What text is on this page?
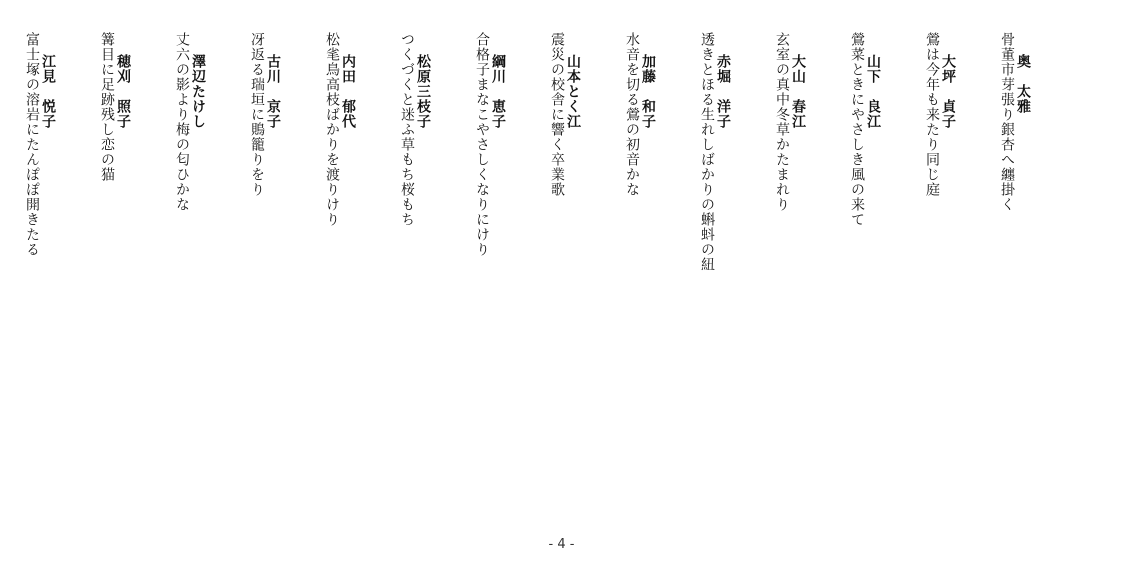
奥　太雅
骨董市芽張り銀杏へ纏掛く
大坪　貞子
鶯は今年も来たり同じ庭
山下　良江
鶯菜ときにやさしき風の来て
大山　春江
玄室の真中冬草かたまれり
赤堀　洋子
透きとほる生れしばかりの蝌蚪の紐
加藤　和子
水音を切る鶯の初音かな
山本とく江
震災の校舎に響く卒業歌
綱川　恵子
合格子まなこやさしくなりにけり
松原三枝子
つくづくと迷ふ草もち桜もち
内田　郁代
松毟鳥高枝ばかりを渡りけり
古川　京子
冴返る瑞垣に鵙籠りをり
澤辺たけし
丈六の影より梅の匂ひかな
穂刈　照子
篝目に足跡残し恋の猫
江見　悦子
富士塚の溶岩にたんぽぽ開きたる
- 4 -
